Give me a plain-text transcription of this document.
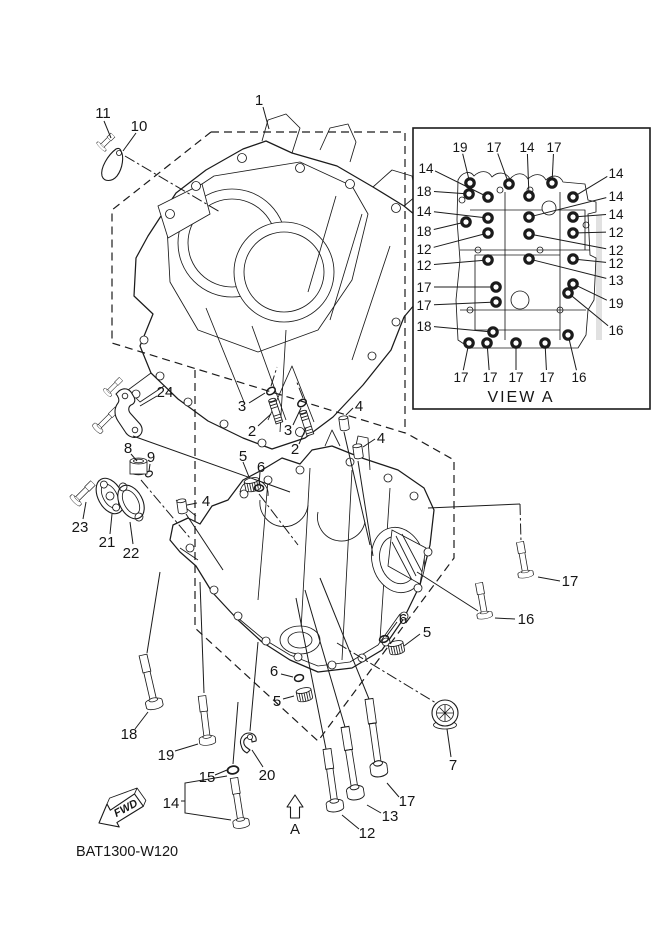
19 17 14 17
14
14
18
14
18
12
12
17
17
18
14
14
12
12
12
13
19
16
17 17 17 17 16
VIEW A
1
11
10
24
8
9
23
21
22
3
2 3
2
4
4
4
5
6
5
6
5
6
7
16
17
18
19
20
15
14
12
13
17
A
FWD
BAT1300-W120
